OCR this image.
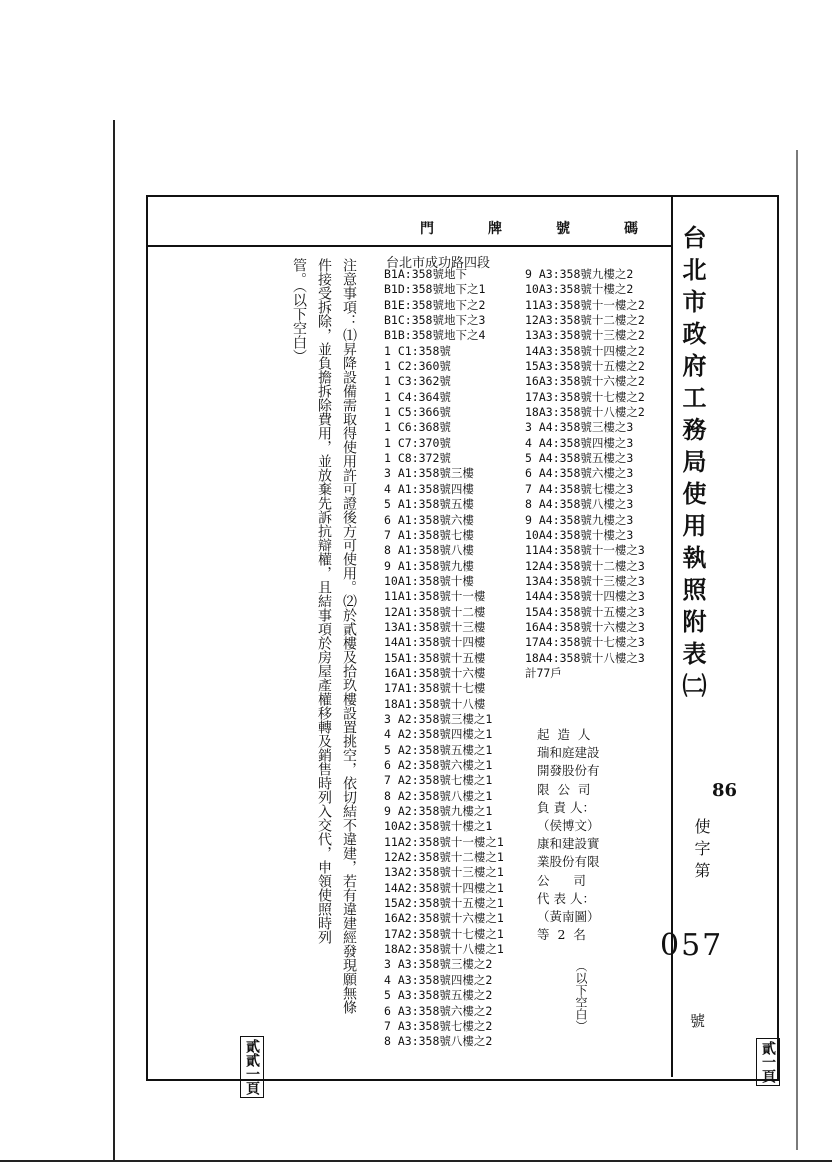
門	牌	號	碼 台北市政府工務局使用執照附表㈡
注意事項：⑴昇降設備需取得使用許可證後方可使用。⑵於貳樓及拾玖樓設置挑空，依切結不違建，若有違建經發現願無條
件接受拆除，並負擔拆除費用，並放棄先訴抗辯權，且結事項於房屋產權移轉及銷售時列入交代，申領使照時列
管。（以下空白）	台北市成功路四段
B1A:358號地下
B1D:358號地下之1
B1E:358號地下之2
B1C:358號地下之3
B1B:358號地下之4
1 C1:358號
1 C2:360號
1 C3:362號
1 C4:364號
1 C5:366號
1 C6:368號
1 C7:370號
1 C8:372號
3 A1:358號三樓
4 A1:358號四樓
5 A1:358號五樓
6 A1:358號六樓
7 A1:358號七樓
8 A1:358號八樓
9 A1:358號九樓
10A1:358號十樓
11A1:358號十一樓
12A1:358號十二樓
13A1:358號十三樓
14A1:358號十四樓
15A1:358號十五樓
16A1:358號十六樓
17A1:358號十七樓
18A1:358號十八樓
3 A2:358號三樓之1
4 A2:358號四樓之1
5 A2:358號五樓之1
6 A2:358號六樓之1
7 A2:358號七樓之1
8 A2:358號八樓之1
9 A2:358號九樓之1
10A2:358號十樓之1
11A2:358號十一樓之1
12A2:358號十二樓之1
13A2:358號十三樓之1
14A2:358號十四樓之1
15A2:358號十五樓之1
16A2:358號十六樓之1
17A2:358號十七樓之1
18A2:358號十八樓之1
3 A3:358號三樓之2
4 A3:358號四樓之2
5 A3:358號五樓之2
6 A3:358號六樓之2
7 A3:358號七樓之2
8 A3:358號八樓之2
9 A3:358號九樓之2
10A3:358號十樓之2
11A3:358號十一樓之2
12A3:358號十二樓之2
13A3:358號十三樓之2
14A3:358號十四樓之2
15A3:358號十五樓之2
16A3:358號十六樓之2
17A3:358號十七樓之2
18A3:358號十八樓之2
3 A4:358號三樓之3
4 A4:358號四樓之3
5 A4:358號五樓之3
6 A4:358號六樓之3
7 A4:358號七樓之3
8 A4:358號八樓之3
9 A4:358號九樓之3
10A4:358號十樓之3
11A4:358號十一樓之3
12A4:358號十二樓之3
13A4:358號十三樓之3
14A4:358號十四樓之3
15A4:358號十五樓之3
16A4:358號十六樓之3
17A4:358號十七樓之3
18A4:358號十八樓之3
計77戶
起  造  人
瑞和庭建設
開發股份有
限  公  司
負 責 人：
（侯博文）
康和建設實
業股份有限
公      司
代 表 人：
（黃南圖）
等  2  名
（以下空白）
86
使字第
057
號
貳貳一頁	貳一頁
